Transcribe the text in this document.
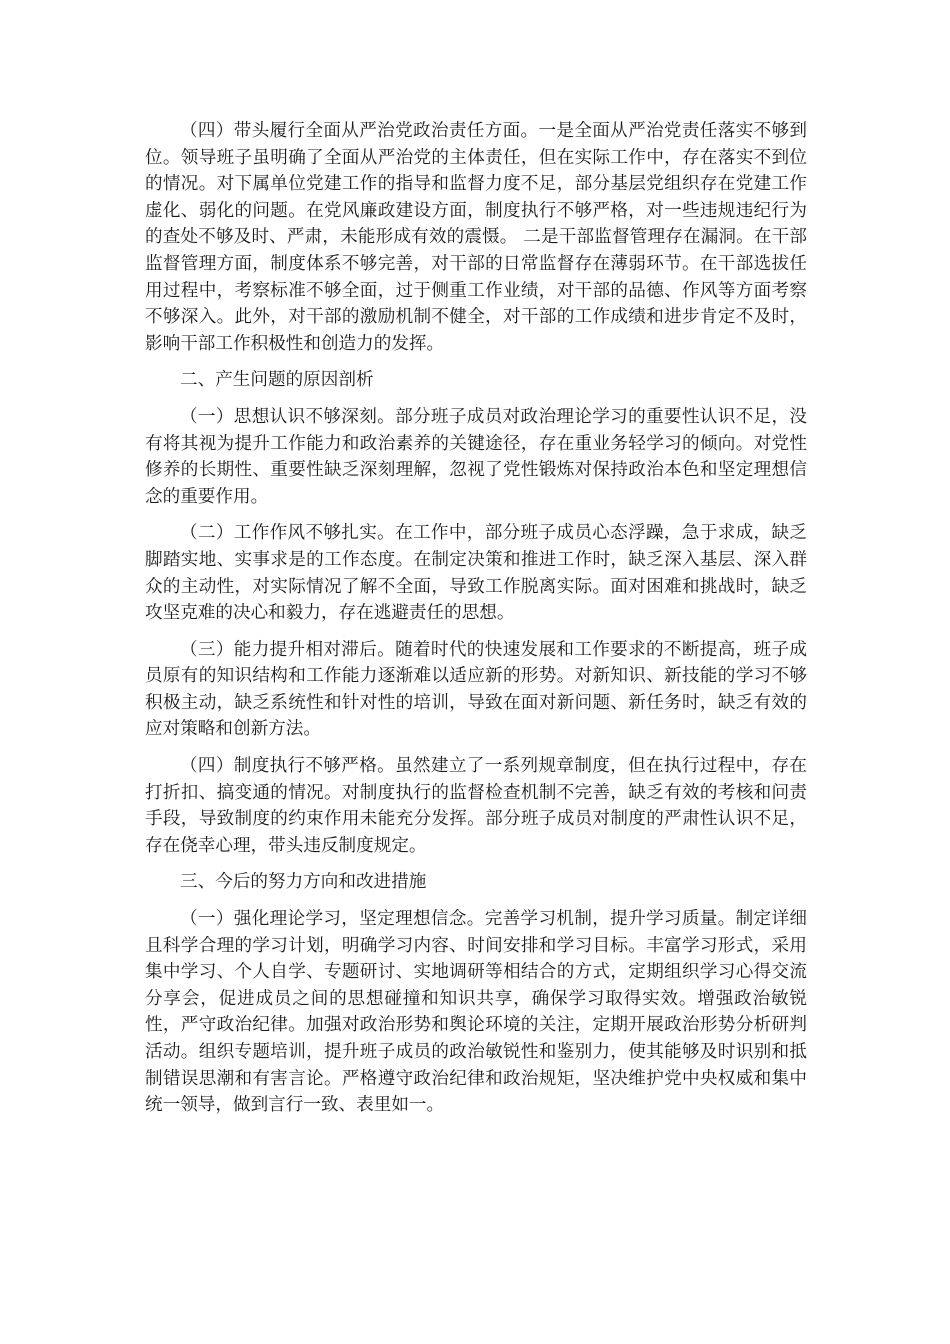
（四）带头履行全面从严治党政治责任方面。一是全面从严治党责任落实不够到位。领导班子虽明确了全面从严治党的主体责任，但在实际工作中，存在落实不到位的情况。对下属单位党建工作的指导和监督力度不足，部分基层党组织存在党建工作虚化、弱化的问题。在党风廉政建设方面，制度执行不够严格，对一些违规违纪行为的查处不够及时、严肃，未能形成有效的震慑。 二是干部监督管理存在漏洞。在干部监督管理方面，制度体系不够完善，对干部的日常监督存在薄弱环节。在干部选拔任用过程中，考察标准不够全面，过于侧重工作业绩，对干部的品德、作风等方面考察不够深入。此外，对干部的激励机制不健全，对干部的工作成绩和进步肯定不及时，影响干部工作积极性和创造力的发挥。

二、产生问题的原因剖析

（一）思想认识不够深刻。部分班子成员对政治理论学习的重要性认识不足，没有将其视为提升工作能力和政治素养的关键途径，存在重业务轻学习的倾向。对党性修养的长期性、重要性缺乏深刻理解，忽视了党性锻炼对保持政治本色和坚定理想信念的重要作用。

（二）工作作风不够扎实。在工作中，部分班子成员心态浮躁，急于求成，缺乏脚踏实地、实事求是的工作态度。在制定决策和推进工作时，缺乏深入基层、深入群众的主动性，对实际情况了解不全面，导致工作脱离实际。面对困难和挑战时，缺乏攻坚克难的决心和毅力，存在逃避责任的思想。

（三）能力提升相对滞后。随着时代的快速发展和工作要求的不断提高，班子成员原有的知识结构和工作能力逐渐难以适应新的形势。对新知识、新技能的学习不够积极主动，缺乏系统性和针对性的培训，导致在面对新问题、新任务时，缺乏有效的应对策略和创新方法。

（四）制度执行不够严格。虽然建立了一系列规章制度，但在执行过程中，存在打折扣、搞变通的情况。对制度执行的监督检查机制不完善，缺乏有效的考核和问责手段，导致制度的约束作用未能充分发挥。部分班子成员对制度的严肃性认识不足，存在侥幸心理，带头违反制度规定。

三、今后的努力方向和改进措施

（一）强化理论学习，坚定理想信念。完善学习机制，提升学习质量。制定详细且科学合理的学习计划，明确学习内容、时间安排和学习目标。丰富学习形式，采用集中学习、个人自学、专题研讨、实地调研等相结合的方式，定期组织学习心得交流分享会，促进成员之间的思想碰撞和知识共享，确保学习取得实效。增强政治敏锐性，严守政治纪律。加强对政治形势和舆论环境的关注，定期开展政治形势分析研判活动。组织专题培训，提升班子成员的政治敏锐性和鉴别力，使其能够及时识别和抵制错误思潮和有害言论。严格遵守政治纪律和政治规矩，坚决维护党中央权威和集中统一领导，做到言行一致、表里如一。
